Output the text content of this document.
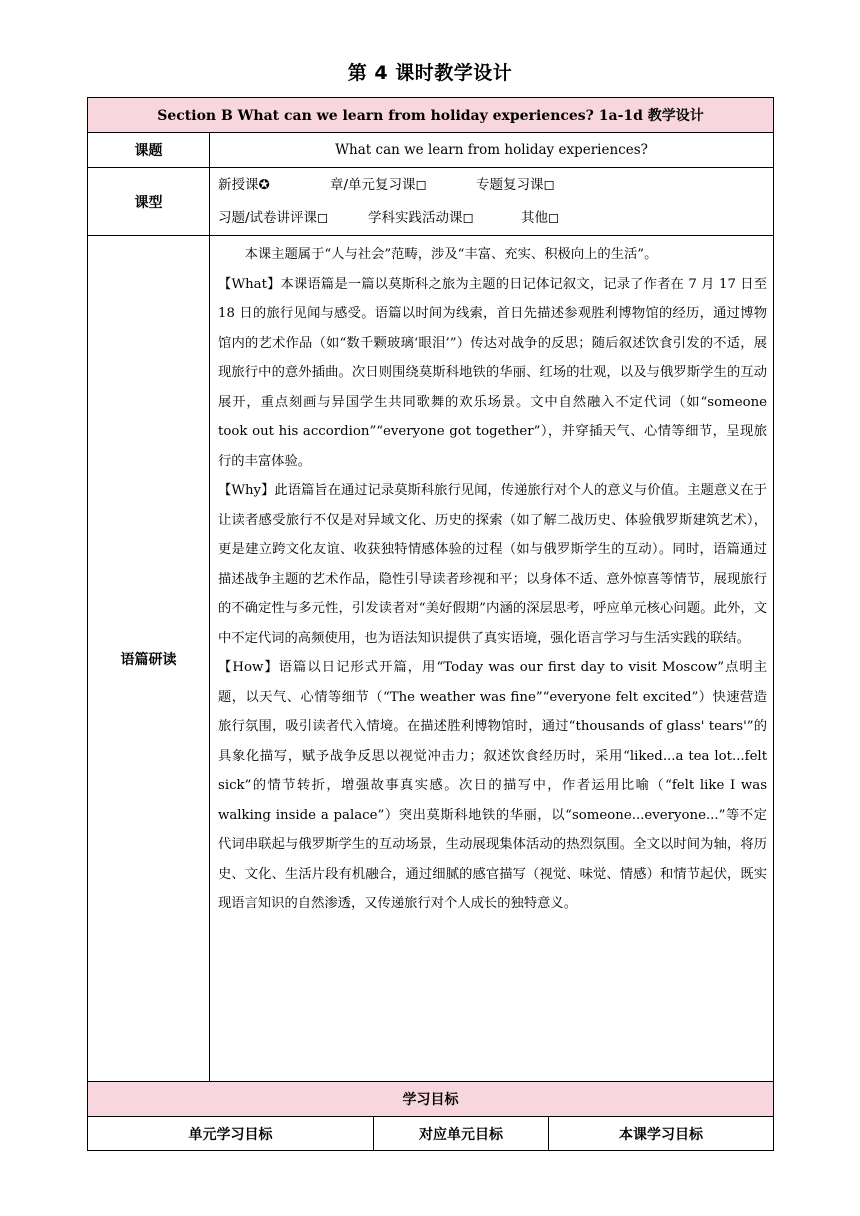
第 4 课时教学设计
Section B What can we learn from holiday experiences? 1a-1d 教学设计			
课题	What can we learn from holiday experiences?		
课型	新授课✪ 章/单元复习课◻ 专题复习课◻
习题/试卷讲评课◻ 学科实践活动课◻ 其他◻		

语篇研读	本课主题属于“人与社会”范畴，涉及“丰富、充实、积极向上的生活”。

【What】本课语篇是一篇以莫斯科之旅为主题的日记体记叙文，记录了作者在 7 月 17 日至 18 日的旅行见闻与感受。语篇以时间为线索，首日先描述参观胜利博物馆的经历，通过博物馆内的艺术作品（如“数千颗玻璃‘眼泪’”）传达对战争的反思；随后叙述饮食引发的不适，展现旅行中的意外插曲。次日则围绕莫斯科地铁的华丽、红场的壮观，以及与俄罗斯学生的互动展开，重点刻画与异国学生共同歌舞的欢乐场景。文中自然融入不定代词（如“someone took out his accordion”“everyone got together”），并穿插天气、心情等细节，呈现旅行的丰富体验。

【Why】此语篇旨在通过记录莫斯科旅行见闻，传递旅行对个人的意义与价值。主题意义在于让读者感受旅行不仅是对异域文化、历史的探索（如了解二战历史、体验俄罗斯建筑艺术），更是建立跨文化友谊、收获独特情感体验的过程（如与俄罗斯学生的互动）。同时，语篇通过描述战争主题的艺术作品，隐性引导读者珍视和平；以身体不适、意外惊喜等情节，展现旅行的不确定性与多元性，引发读者对“美好假期”内涵的深层思考，呼应单元核心问题。此外，文中不定代词的高频使用，也为语法知识提供了真实语境，强化语言学习与生活实践的联结。

【How】语篇以日记形式开篇，用“Today was our first day to visit Moscow”点明主题，以天气、心情等细节（“The weather was fine”“everyone felt excited”）快速营造旅行氛围，吸引读者代入情境。在描述胜利博物馆时，通过“thousands of glass' tears'”的具象化描写，赋予战争反思以视觉冲击力；叙述饮食经历时，采用“liked...a tea lot...felt sick”的情节转折，增强故事真实感。次日的描写中，作者运用比喻（“felt like I was walking inside a palace”）突出莫斯科地铁的华丽，以“someone...everyone...”等不定代词串联起与俄罗斯学生的互动场景，生动展现集体活动的热烈氛围。全文以时间为轴，将历史、文化、生活片段有机融合，通过细腻的感官描写（视觉、味觉、情感）和情节起伏，既实现语言知识的自然渗透，又传递旅行对个人成长的独特意义。		

学习目标			
单元学习目标		对应单元目标	本课学习目标
